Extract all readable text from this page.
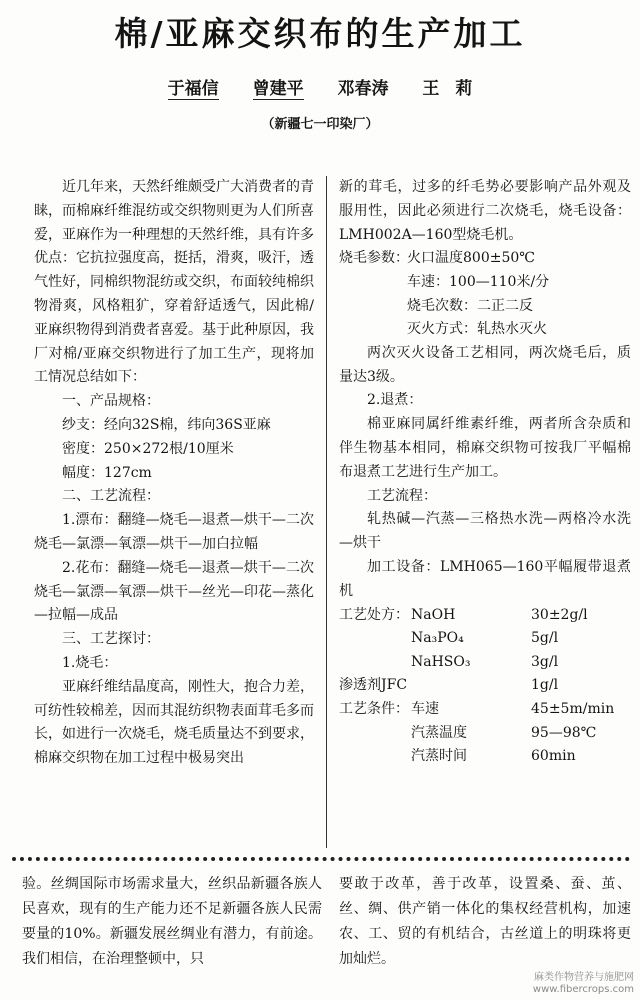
棉/亚麻交织布的生产加工
于福信 曾建平 邓春涛 王 莉
（新疆七一印染厂）

近几年来，天然纤维颇受广大消费者的青睐，而棉麻纤维混纺或交织物则更为人们所喜爱，亚麻作为一种理想的天然纤维，具有许多优点：它抗拉强度高，挺括，滑爽，吸汗，透气性好，同棉织物混纺或交织，布面较纯棉织物滑爽，风格粗犷，穿着舒适透气，因此棉/亚麻织物得到消费者喜爱。基于此种原因，我厂对棉/亚麻交织物进行了加工生产，现将加工情况总结如下：

一、产品规格：

纱支：经向32S棉，纬向36S亚麻

密度：250×272根/10厘米

幅度：127cm

二、工艺流程：

1.漂布：翻缝—烧毛—退煮—烘干—二次烧毛—氯漂—氧漂—烘干—加白拉幅

2.花布：翻缝—烧毛—退煮—烘干—二次烧毛—氯漂—氧漂—烘干—丝光—印花—蒸化—拉幅—成品

三、工艺探讨：

1.烧毛：

亚麻纤维结晶度高，刚性大，抱合力差，可纺性较棉差，因而其混纺织物表面茸毛多而长，如进行一次烧毛，烧毛质量达不到要求，棉麻交织物在加工过程中极易突出

新的茸毛，过多的纤毛势必要影响产品外观及服用性，因此必须进行二次烧毛，烧毛设备：LMH002A—160型烧毛机。

烧毛参数：
火口温度800±50℃
车速：100—110米/分
烧毛次数：二正二反
灭火方式：轧热水灭火

两次灭火设备工艺相同，两次烧毛后，质量达3级。

2.退煮：

棉亚麻同属纤维素纤维，两者所含杂质和伴生物基本相同，棉麻交织物可按我厂平幅棉布退煮工艺进行生产加工。

工艺流程：

轧热碱—汽蒸—三格热水洗—两格冷水洗—烘干

加工设备：LMH065—160平幅履带退煮机

工艺处方： NaOH	30±2g/l
Na₃PO₄	5g/l
NaHSO₃	3g/l
渗透剂JFC	1g/l
工艺条件： 车速	45±5m/min
汽蒸温度	95—98℃
汽蒸时间	60min

验。丝绸国际市场需求量大，丝织品新疆各族人民喜欢，现有的生产能力还不足新疆各族人民需要量的10%。新疆发展丝绸业有潜力，有前途。我们相信，在治理整顿中，只

要敢于改革，善于改革，设置桑、蚕、茧、丝、绸、供产销一体化的集权经营机构，加速农、工、贸的有机结合，古丝道上的明珠将更加灿烂。

麻类作物营养与施肥网
www.fibercrops.com
